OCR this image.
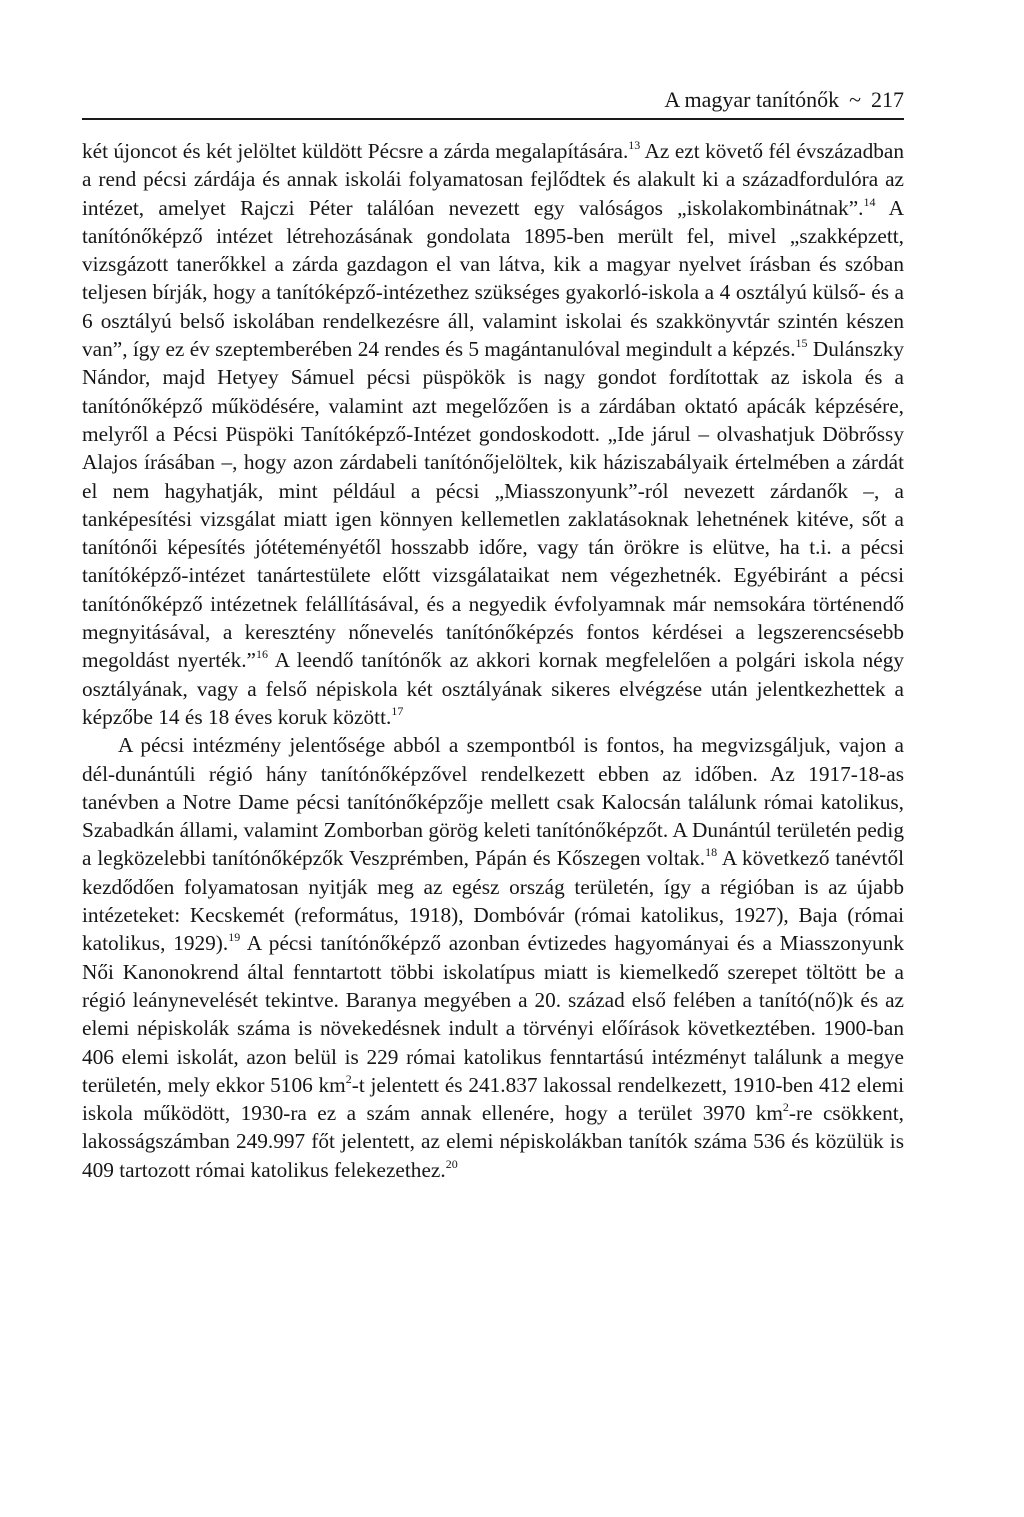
A magyar tanítónők ~ 217

két újoncot és két jelöltet küldött Pécsre a zárda megalapítására.$^{13}$ Az ezt követő fél évszázadban a rend pécsi zárdája és annak iskolái folyamatosan fejlődtek és alakult ki a századfordulóra az intézet, amelyet Rajczi Péter találóan nevezett egy valóságos „iskolakombinátnak”.$^{14}$ A tanítónőképző intézet létrehozásának gondolata 1895-ben merült fel, mivel „szakképzett, vizsgázott tanerőkkel a zárda gazdagon el van látva, kik a magyar nyelvet írásban és szóban teljesen bírják, hogy a tanítóképző-intézethez szükséges gyakorló-iskola a 4 osztályú külső- és a 6 osztályú belső iskolában rendelkezésre áll, valamint iskolai és szakkönyvtár szintén készen van”, így ez év szeptemberében 24 rendes és 5 magántanulóval megindult a képzés.$^{15}$ Dulánszky Nándor, majd Hetyey Sámuel pécsi püspökök is nagy gondot fordítottak az iskola és a tanítónőképző működésére, valamint azt megelőzően is a zárdában oktató apácák képzésére, melyről a Pécsi Püspöki Tanítóképző-Intézet gondoskodott. „Ide járul – olvashatjuk Döbrőssy Alajos írásában –, hogy azon zárdabeli tanítónőjelöltek, kik háziszabályaik értelmében a zárdát el nem hagyhatják, mint például a pécsi „Miasszonyunk”-ról nevezett zárdanők –, a tanképesítési vizsgálat miatt igen könnyen kellemetlen zaklatásoknak lehetnének kitéve, sőt a tanítónői képesítés jótéteményétől hosszabb időre, vagy tán örökre is elütve, ha t.i. a pécsi tanítóképző-intézet tanártestülete előtt vizsgálataikat nem végezhetnék. Egyébiránt a pécsi tanítónőképző intézetnek felállításával, és a negyedik évfolyamnak már nemsokára történendő megnyitásával, a keresztény nőnevelés tanítónőképzés fontos kérdései a legszerencsésebb megoldást nyerték.”$^{16}$ A leendő tanítónők az akkori kornak megfelelően a polgári iskola négy osztályának, vagy a felső népiskola két osztályának sikeres elvégzése után jelentkezhettek a képzőbe 14 és 18 éves koruk között.$^{17}$

A pécsi intézmény jelentősége abból a szempontból is fontos, ha megvizsgáljuk, vajon a dél-dunántúli régió hány tanítónőképzővel rendelkezett ebben az időben. Az 1917-18-as tanévben a Notre Dame pécsi tanítónőképzője mellett csak Kalocsán találunk római katolikus, Szabadkán állami, valamint Zomborban görög keleti tanítónőképzőt. A Dunántúl területén pedig a legközelebbi tanítónőképzők Veszprémben, Pápán és Kőszegen voltak.$^{18}$ A következő tanévtől kezdődően folyamatosan nyitják meg az egész ország területén, így a régióban is az újabb intézeteket: Kecskemét (református, 1918), Dombóvár (római katolikus, 1927), Baja (római katolikus, 1929).$^{19}$ A pécsi tanítónőképző azonban évtizedes hagyományai és a Miasszonyunk Női Kanonokrend által fenntartott többi iskolatípus miatt is kiemelkedő szerepet töltött be a régió leánynevelését tekintve. Baranya megyében a 20. század első felében a tanító(nő)k és az elemi népiskolák száma is növekedésnek indult a törvényi előírások következtében. 1900-ban 406 elemi iskolát, azon belül is 229 római katolikus fenntartású intézményt találunk a megye területén, mely ekkor 5106 $km^2-t$ jelentett és 241.837 lakossal rendelkezett, 1910-ben 412 elemi iskola működött, 1930-ra ez a szám annak ellenére, hogy a terület 3970 $km^2-re$ csökkent, lakosságszámban 249.997 főt jelentett, az elemi népiskolákban tanítók száma 536 és közülük is 409 tartozott római katolikus felekezethez.$^{20}$
